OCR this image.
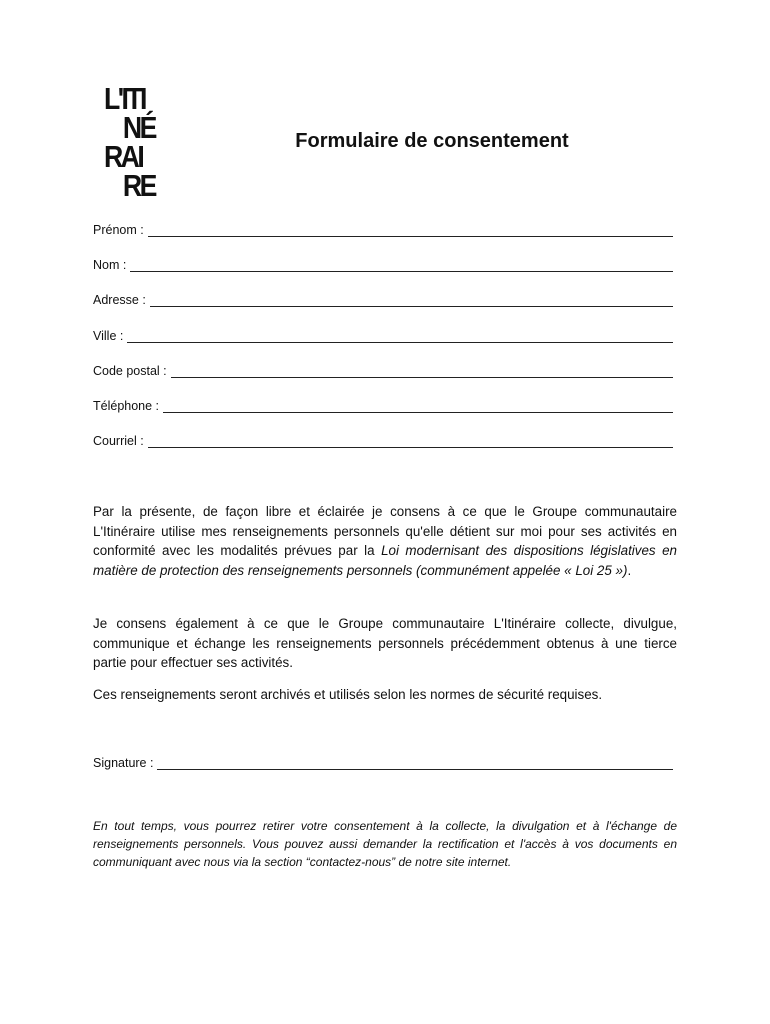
L'ITI
NÉ
RAI
RE
Formulaire de consentement
Prénom :
Nom :
Adresse :
Ville :
Code postal :
Téléphone :
Courriel :

Par la présente, de façon libre et éclairée je consens à ce que le Groupe communautaire L'Itinéraire utilise mes renseignements personnels qu'elle détient sur moi pour ses activités en conformité avec les modalités prévues par la Loi modernisant des dispositions législatives en matière de protection des renseignements personnels (communément appelée « Loi 25 »).

Je consens également à ce que le Groupe communautaire L'Itinéraire collecte, divulgue, communique et échange les renseignements personnels précédemment obtenus à une tierce partie pour effectuer ses activités.

Ces renseignements seront archivés et utilisés selon les normes de sécurité requises.

Signature :

En tout temps, vous pourrez retirer votre consentement à la collecte, la divulgation et à l'échange de renseignements personnels. Vous pouvez aussi demander la rectification et l'accès à vos documents en communiquant avec nous via la section “contactez-nous” de notre site internet.
